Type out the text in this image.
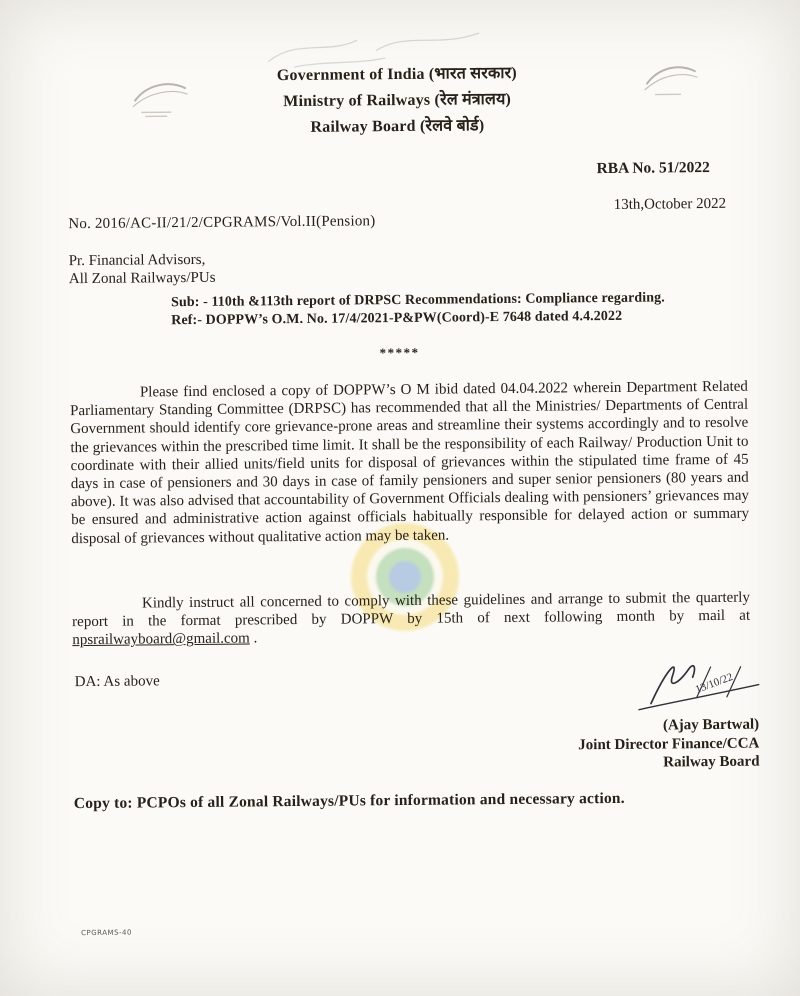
Government of India (भारत सरकार)
Ministry of Railways (रेल मंत्रालय)
Railway Board (रेलवे बोर्ड)
RBA No. 51/2022
13th,October 2022
No. 2016/AC-II/21/2/CPGRAMS/Vol.II(Pension)
Pr. Financial Advisors,
All Zonal Railways/PUs
Sub: - 110th &113th report of DRPSC Recommendations: Compliance regarding.
Ref:- DOPPW’s O.M. No. 17/4/2021-P&PW(Coord)-E 7648 dated 4.4.2022
*****
Please find enclosed a copy of DOPPW’s O M ibid dated 04.04.2022 wherein Department Related Parliamentary Standing Committee (DRPSC) has recommended that all the Ministries/ Departments of Central Government should identify core grievance-prone areas and streamline their systems accordingly and to resolve the grievances within the prescribed time limit. It shall be the responsibility of each Railway/ Production Unit to coordinate with their allied units/field units for disposal of grievances within the stipulated time frame of 45 days in case of pensioners and 30 days in case of family pensioners and super senior pensioners (80 years and above). It was also advised that accountability of Government Officials dealing with pensioners’ grievances may be ensured and administrative action against officials habitually responsible for delayed action or summary disposal of grievances without qualitative action may be taken.
Kindly instruct all concerned to comply with these guidelines and arrange to submit the quarterly report in the format prescribed by DOPPW by 15th of next following month by mail at npsrailwayboard@gmail.com .
DA: As above	13/10/22
(Ajay Bartwal)
Joint Director Finance/CCA
Railway Board
Copy to: PCPOs of all Zonal Railways/PUs for information and necessary action.
CPGRAMS-40
